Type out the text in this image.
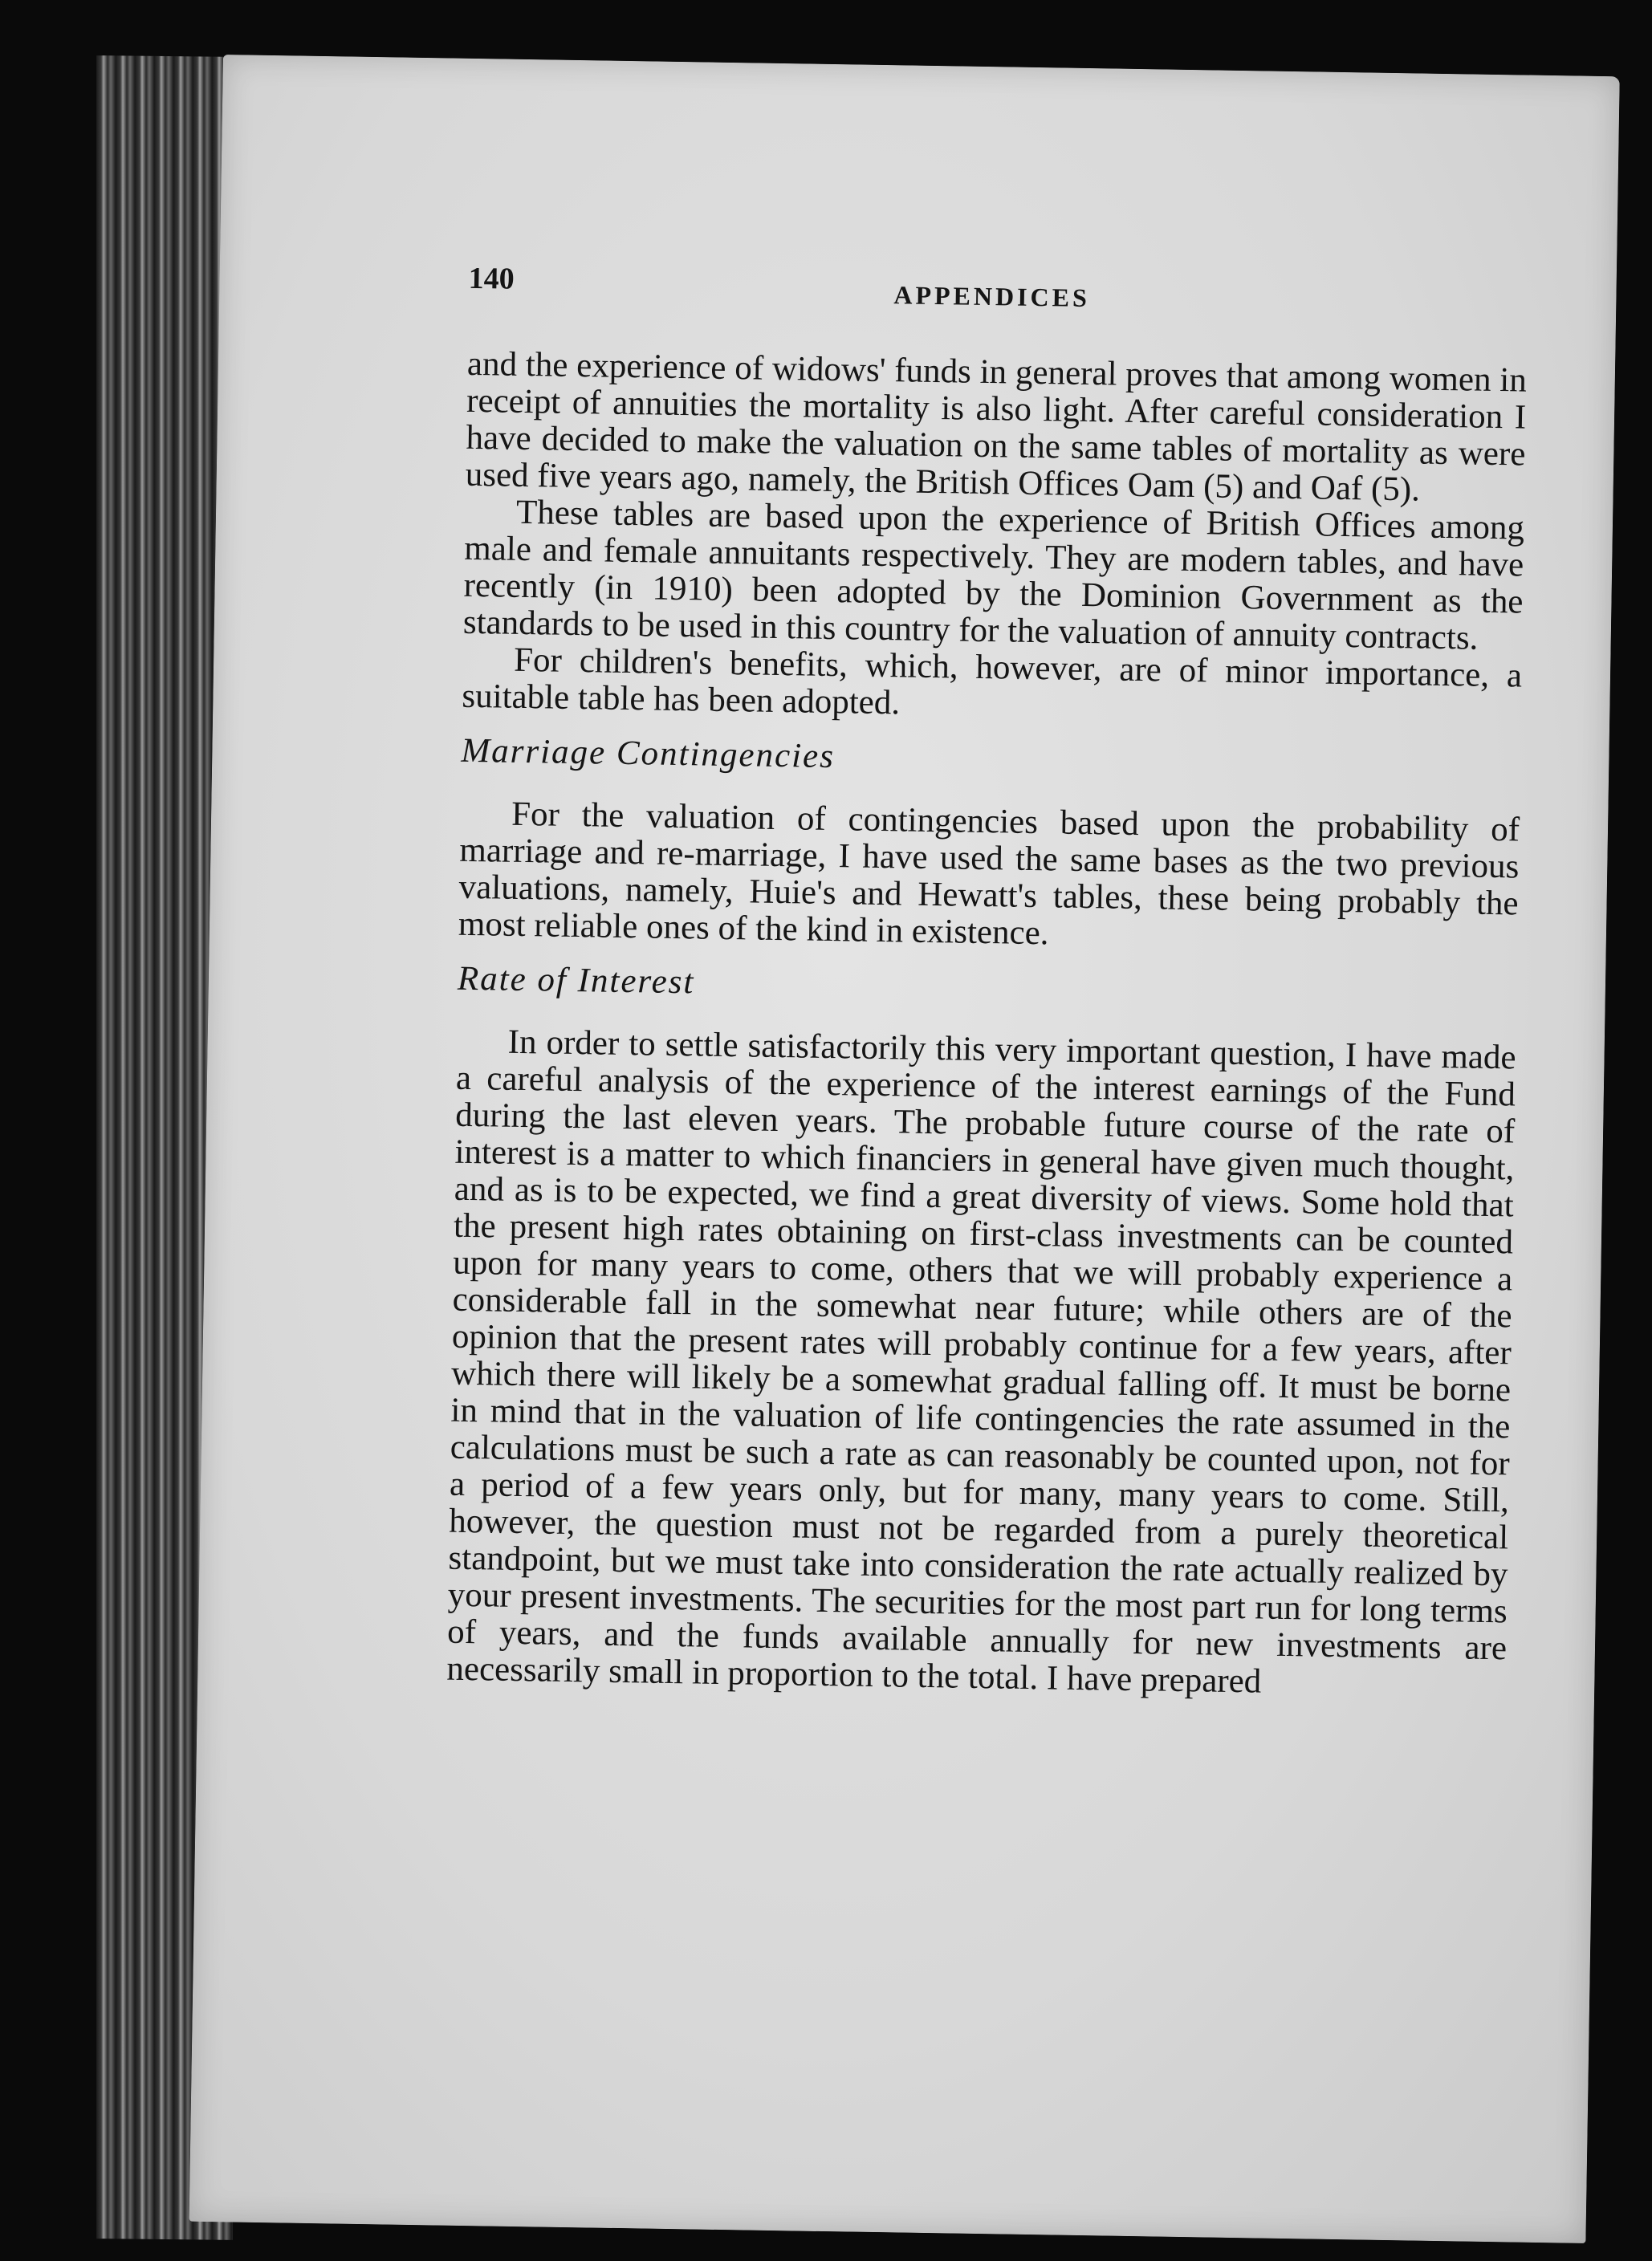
140
APPENDICES

and the experience of widows' funds in general proves that among women in receipt of annuities the mortality is also light. After careful consideration I have decided to make the valuation on the same tables of mortality as were used five years ago, namely, the British Offices Oam (5) and Oaf (5).

These tables are based upon the experience of British Offices among male and female annuitants respectively. They are modern tables, and have recently (in 1910) been adopted by the Dominion Government as the standards to be used in this country for the valuation of annuity contracts.

For children's benefits, which, however, are of minor importance, a suitable table has been adopted.

Marriage Contingencies

For the valuation of contingencies based upon the probability of marriage and re-marriage, I have used the same bases as the two previous valuations, namely, Huie's and Hewatt's tables, these being probably the most reliable ones of the kind in existence.

Rate of Interest

In order to settle satisfactorily this very important question, I have made a careful analysis of the experience of the interest earnings of the Fund during the last eleven years. The probable future course of the rate of interest is a matter to which financiers in general have given much thought, and as is to be expected, we find a great diversity of views. Some hold that the present high rates obtaining on first-class investments can be counted upon for many years to come, others that we will probably experience a considerable fall in the somewhat near future; while others are of the opinion that the present rates will probably continue for a few years, after which there will likely be a somewhat gradual falling off. It must be borne in mind that in the valuation of life contingencies the rate assumed in the calculations must be such a rate as can reasonably be counted upon, not for a period of a few years only, but for many, many years to come. Still, however, the question must not be regarded from a purely theoretical standpoint, but we must take into consideration the rate actually realized by your present investments. The securities for the most part run for long terms of years, and the funds available annually for new investments are necessarily small in proportion to the total. I have prepared
